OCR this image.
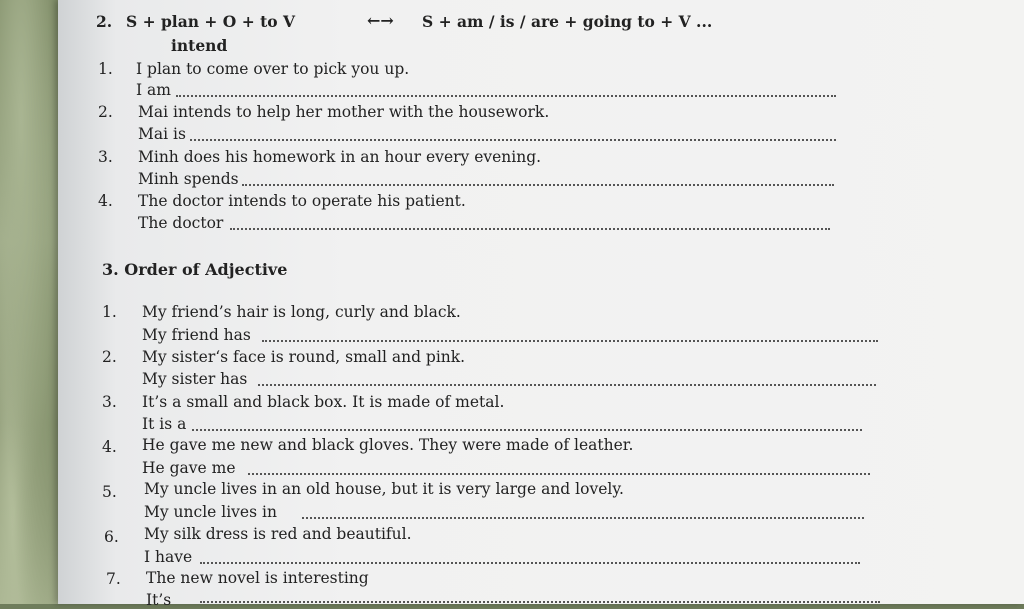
2. S + plan + O + to V	←→ S + am / is / are + going to + V ...
intend
1. I plan to come over to pick you up.
I am
2. Mai intends to help her mother with the housework.
Mai is
3. Minh does his homework in an hour every evening.
Minh spends
4. The doctor intends to operate his patient.
The doctor
3. Order of Adjective
1. My friend’s hair is long, curly and black.
My friend has
2. My sister‘s face is round, small and pink.
My sister has
3. It’s a small and black box. It is made of metal.
It is a
4. He gave me new and black gloves. They were made of leather.
He gave me
5. My uncle lives in an old house, but it is very large and lovely.
My uncle lives in
6. My silk dress is red and beautiful.
I have
7. The new novel is interesting
It’s
